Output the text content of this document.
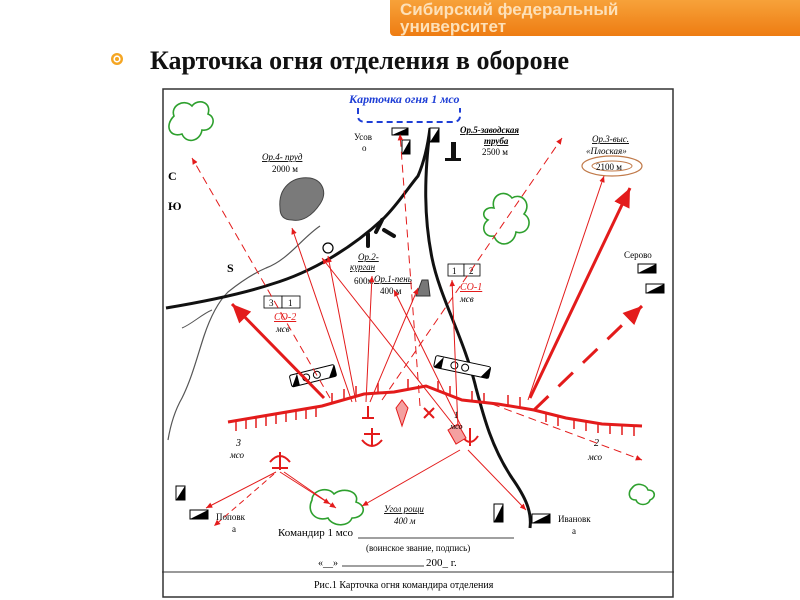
Сибирский федеральный
университет
Карточка огня отделения в обороне
Карточка огня 1 мсо
С
Ю
S
Усов
о
Ор.5-заводская
труба
2500 м
Ор.4- пруд
2000 м
Ор.3-выс.
«Плоская»
2100 м
Ор.2-
курган
600м Ор.1-пень
400 м
1 2
СО-1
мсв
3 1
СО-2
мсв
Серово
1
мсо
2
мсо
3
мсо
Поповк
а
Ивановк
а
Угол рощи
400 м
Командир 1 мсо
(воинское звание, подпись)
«__»	200_ г.
Рис.1 Карточка огня командира отделения
